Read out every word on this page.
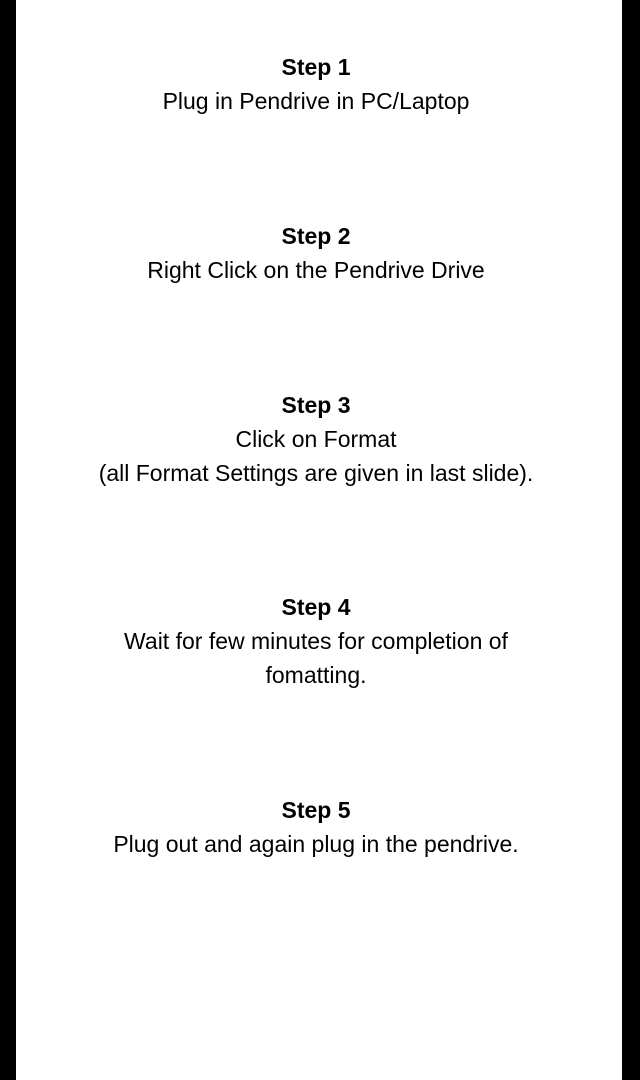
Step 1
Plug in Pendrive in PC/Laptop
Step 2
Right Click on the Pendrive Drive
Step 3
Click on Format
(all Format Settings are given in last slide).
Step 4
Wait for few minutes for completion of
fomatting.
Step 5
Plug out and again plug in the pendrive.
